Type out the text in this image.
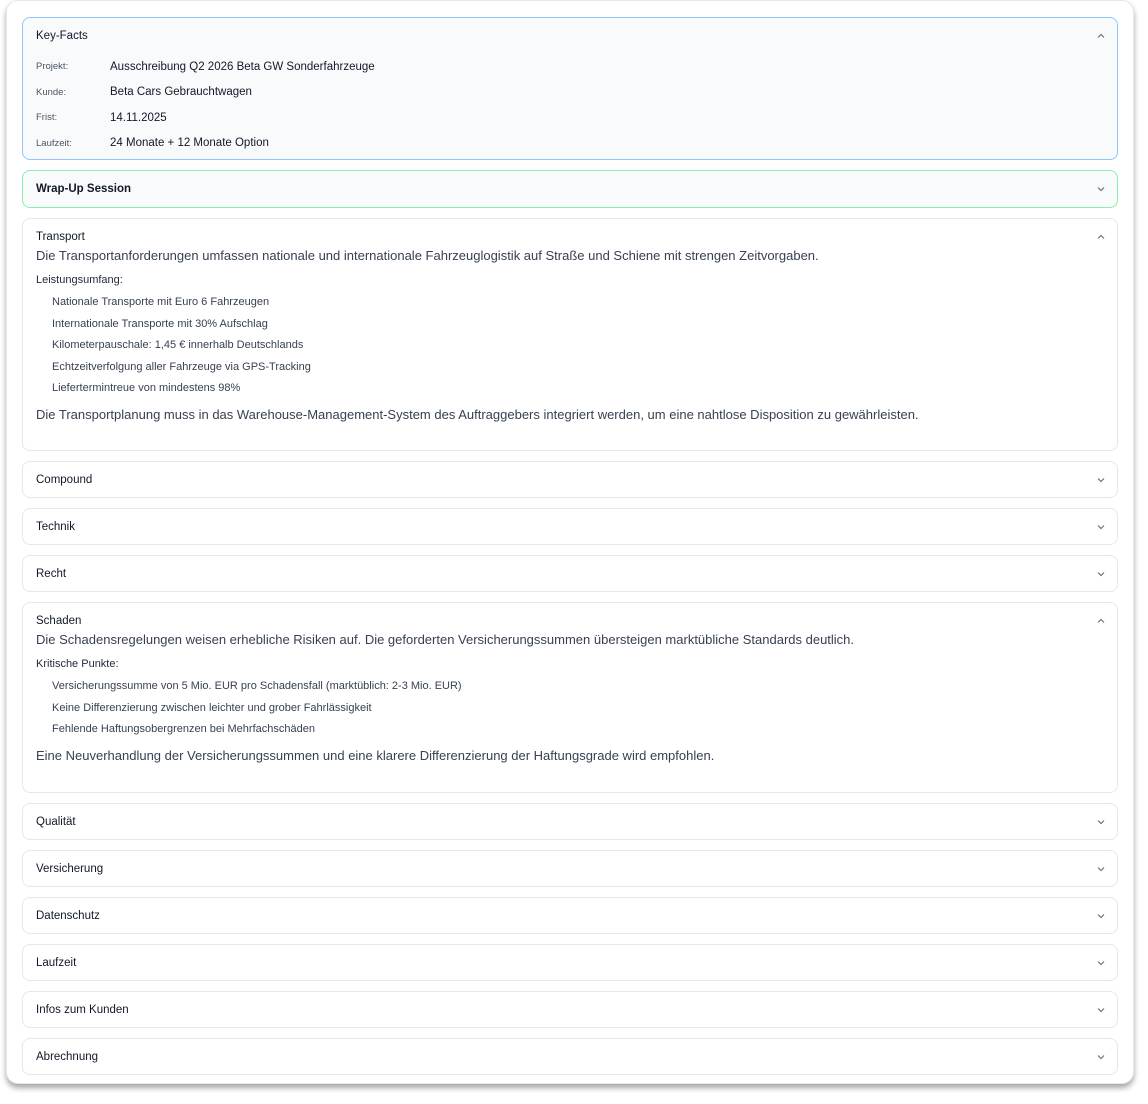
Key-Facts
Projekt:	Ausschreibung Q2 2026 Beta GW Sonderfahrzeuge
Kunde:	Beta Cars Gebrauchtwagen
Frist:	14.11.2025
Laufzeit:	24 Monate + 12 Monate Option
Wrap-Up Session
Transport
Die Transportanforderungen umfassen nationale und internationale Fahrzeuglogistik auf Straße und Schiene mit strengen Zeitvorgaben.
Leistungsumfang:
Nationale Transporte mit Euro 6 Fahrzeugen
Internationale Transporte mit 30% Aufschlag
Kilometerpauschale: 1,45 € innerhalb Deutschlands
Echtzeitverfolgung aller Fahrzeuge via GPS-Tracking
Liefertermintreue von mindestens 98%
Die Transportplanung muss in das Warehouse-Management-System des Auftraggebers integriert werden, um eine nahtlose Disposition zu gewährleisten.
Compound
Technik
Recht
Schaden
Die Schadensregelungen weisen erhebliche Risiken auf. Die geforderten Versicherungssummen übersteigen marktübliche Standards deutlich.
Kritische Punkte:
Versicherungssumme von 5 Mio. EUR pro Schadensfall (marktüblich: 2-3 Mio. EUR)
Keine Differenzierung zwischen leichter und grober Fahrlässigkeit
Fehlende Haftungsobergrenzen bei Mehrfachschäden
Eine Neuverhandlung der Versicherungssummen und eine klarere Differenzierung der Haftungsgrade wird empfohlen.
Qualität
Versicherung
Datenschutz
Laufzeit
Infos zum Kunden
Abrechnung
